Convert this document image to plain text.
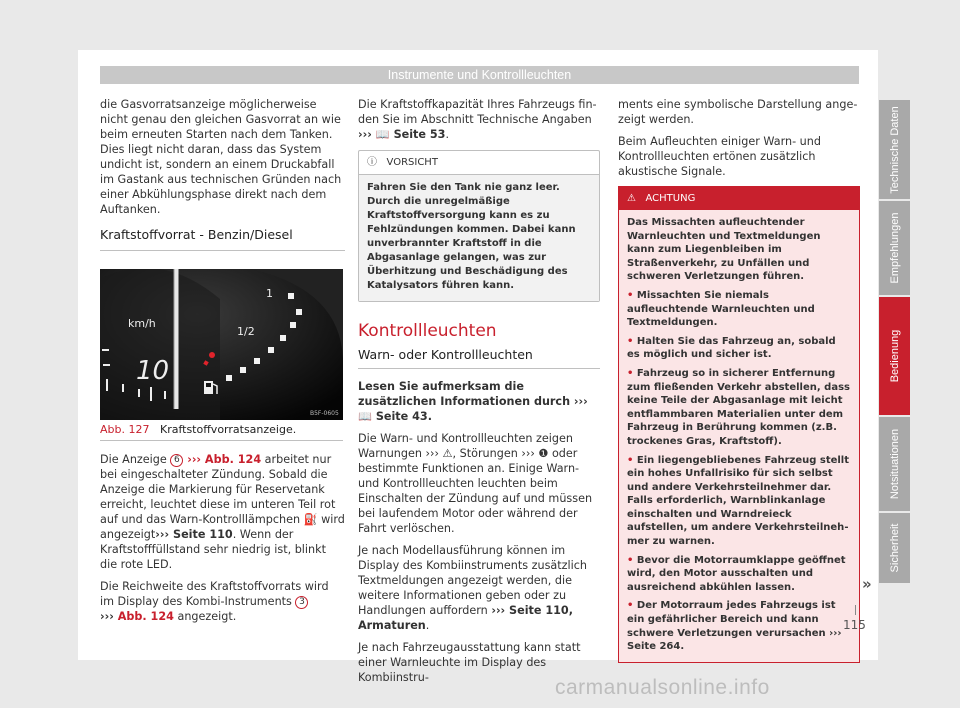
Instrumente und Kontrollleuchten

die Gasvorratsanzeige möglicherweise nicht genau den gleichen Gasvorrat an wie beim erneuten Starten nach dem Tanken. Dies liegt nicht daran, dass das System undicht ist, sondern an einem Druckabfall im Gastank aus technischen Gründen nach einer Abkühlungsphase direkt nach dem Auftanken.

Kraftstoffvorrat - Benzin/Diesel
km/h
10
1
1/2
B5F-0605
Abb. 127 Kraftstoffvorratsanzeige.

Die Anzeige 6 ››› Abb. 124 arbeitet nur bei eingeschalteter Zündung. Sobald die Anzeige die Markierung für Reservetank erreicht, leuchtet diese im unteren Teil rot auf und das Warn-Kontrolllämpchen ⛽ wird angezeigt››› Seite 110. Wenn der Kraftstofffüllstand sehr niedrig ist, blinkt die rote LED.

Die Reichweite des Kraftstoffvorrats wird im Display des Kombi-Instruments 3
››› Abb. 124 angezeigt.

Die Kraftstoffkapazität Ihres Fahrzeugs finden Sie im Abschnitt Technische Angaben ››› 📖 Seite 53.

ⓘ VORSICHT
Fahren Sie den Tank nie ganz leer. Durch die unregelmäßige Kraftstoffversorgung kann es zu Fehlzündungen kommen. Dabei kann unverbrannter Kraftstoff in die Abgasanlage gelangen, was zur Überhitzung und Beschädigung des Katalysators führen kann.
Kontrollleuchten
Warn- oder Kontrollleuchten

Lesen Sie aufmerksam die zusätzlichen Informationen durch ››› 📖 Seite 43.

Die Warn- und Kontrollleuchten zeigen Warnungen ››› ⚠, Störungen ››› ❶ oder bestimmte Funktionen an. Einige Warn- und Kontrollleuchten leuchten beim Einschalten der Zündung auf und müssen bei laufendem Motor oder während der Fahrt verlöschen.

Je nach Modellausführung können im Display des Kombiinstruments zusätzlich Textmeldungen angezeigt werden, die weitere Informationen geben oder zu Handlungen auffordern ››› Seite 110, Armaturen.

Je nach Fahrzeugausstattung kann statt einer Warnleuchte im Display des Kombiinstru-

ments eine symbolische Darstellung angezeigt werden.

Beim Aufleuchten einiger Warn- und Kontrollleuchten ertönen zusätzlich akustische Signale.

⚠ ACHTUNG
Das Missachten aufleuchtender Warnleuchten und Textmeldungen kann zum Liegenbleiben im Straßenverkehr, zu Unfällen und schweren Verletzungen führen.
• Missachten Sie niemals aufleuchtende Warnleuchten und Textmeldungen.
• Halten Sie das Fahrzeug an, sobald es möglich und sicher ist.
• Fahrzeug so in sicherer Entfernung zum fließenden Verkehr abstellen, dass keine Teile der Abgasanlage mit leicht entflammbaren Materialien unter dem Fahrzeug in Berührung kommen (z.B. trockenes Gras, Kraftstoff).
• Ein liegengebliebenes Fahrzeug stellt ein hohes Unfallrisiko für sich selbst und andere Verkehrsteilnehmer dar. Falls erforderlich, Warnblinkanlage einschalten und Warndreieck aufstellen, um andere Verkehrsteilnehmer zu warnen.
• Bevor die Motorraumklappe geöffnet wird, den Motor ausschalten und ausreichend abkühlen lassen.
• Der Motorraum jedes Fahrzeugs ist ein gefährlicher Bereich und kann schwere Verletzungen verursachen ››› Seite 264.
»
Technische Daten
Empfehlungen
Bedienung
Notsituationen
Sicherheit
115
carmanualsonline.info
